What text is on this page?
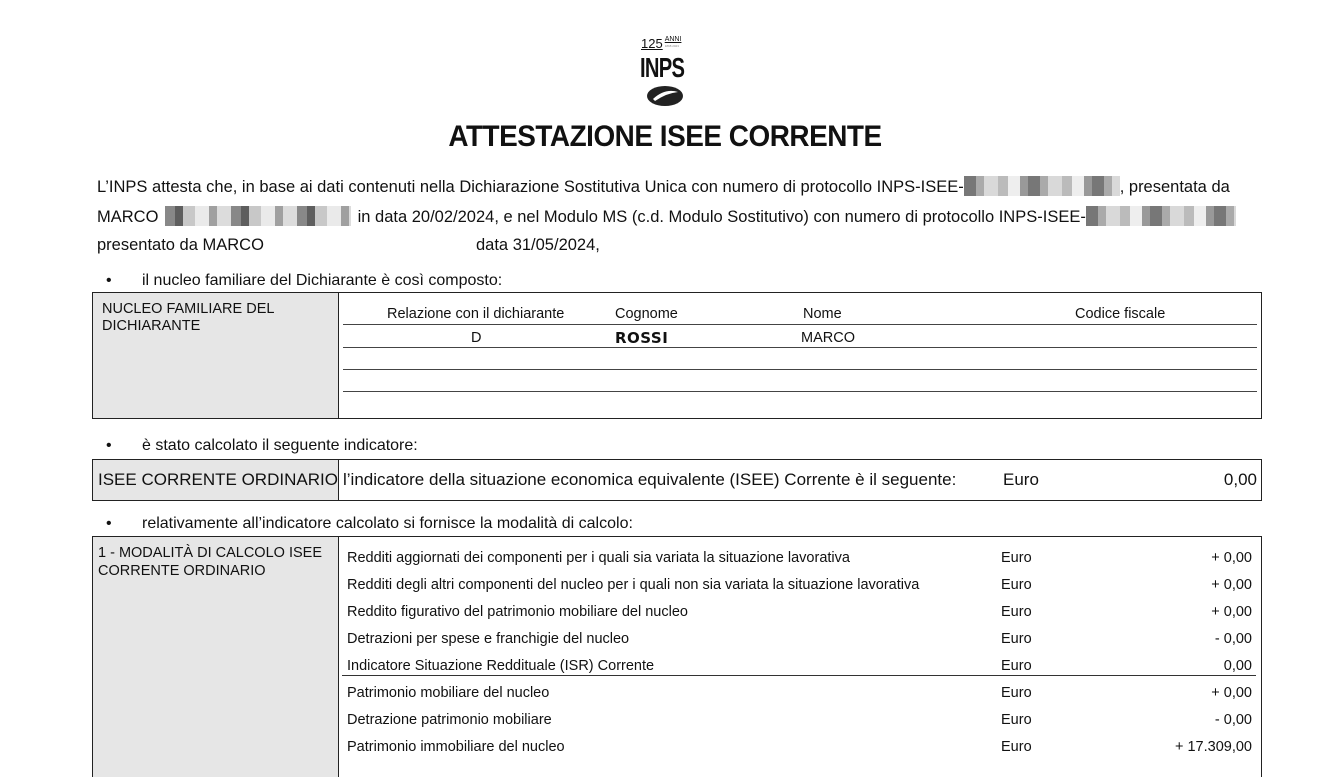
125 ANNI
1898 2023
INPS
ATTESTAZIONE ISEE CORRENTE
L’INPS attesta che, in base ai dati contenuti nella Dichiarazione Sostitutiva Unica con numero di protocollo INPS-ISEE-	, presentata da
MARCO	in data 20/02/2024, e nel Modulo MS (c.d. Modulo Sostitutivo) con numero di protocollo INPS-ISEE-
presentato da MARCO	data 31/05/2024,
• il nucleo familiare del Dichiarante è così composto:
NUCLEO FAMILIARE DEL DICHIARANTE
Relazione con il dichiarante	Cognome	Nome	Codice fiscale
D	ROSSI	MARCO
• è stato calcolato il seguente indicatore:
ISEE CORRENTE ORDINARIO l’indicatore della situazione economica equivalente (ISEE) Corrente è il seguente:	Euro	0,00
• relativamente all’indicatore calcolato si fornisce la modalità di calcolo:
1 - MODALITÀ DI CALCOLO ISEE CORRENTE ORDINARIO
Redditi aggiornati dei componenti per i quali sia variata la situazione lavorativa	Euro	+ 0,00
Redditi degli altri componenti del nucleo per i quali non sia variata la situazione lavorativa	Euro	+ 0,00
Reddito figurativo del patrimonio mobiliare del nucleo	Euro	+ 0,00
Detrazioni per spese e franchigie del nucleo	Euro	- 0,00
Indicatore Situazione Reddituale (ISR) Corrente	Euro	0,00
Patrimonio mobiliare del nucleo	Euro	+ 0,00
Detrazione patrimonio mobiliare	Euro	- 0,00
Patrimonio immobiliare del nucleo	Euro	+ 17.309,00
